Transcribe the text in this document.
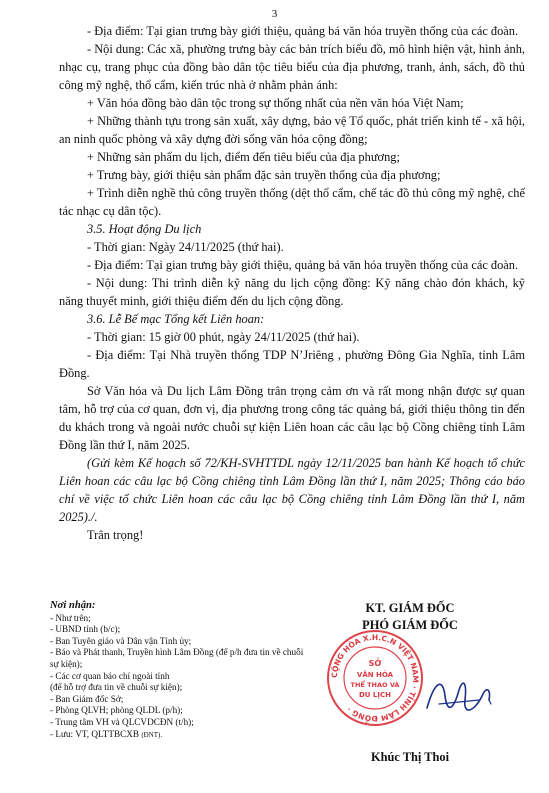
3

- Địa điểm: Tại gian trưng bày giới thiệu, quảng bá văn hóa truyền thống của các đoàn.

- Nội dung: Các xã, phường trưng bày các bản trích biểu đồ, mô hình hiện vật, hình ảnh, nhạc cụ, trang phục của đồng bào dân tộc tiêu biểu của địa phương, tranh, ảnh, sách, đồ thủ công mỹ nghệ, thổ cẩm, kiến trúc nhà ở nhằm phản ánh:

+ Văn hóa đồng bào dân tộc trong sự thống nhất của nền văn hóa Việt Nam;

+ Những thành tựu trong sản xuất, xây dựng, bảo vệ Tổ quốc, phát triển kinh tế - xã hội, an ninh quốc phòng và xây dựng đời sống văn hóa cộng đồng;

+ Những sản phẩm du lịch, điểm đến tiêu biểu của địa phương;

+ Trưng bày, giới thiệu sản phẩm đặc sản truyền thống của địa phương;

+ Trình diễn nghề thủ công truyền thống (dệt thổ cẩm, chế tác đồ thủ công mỹ nghệ, chế tác nhạc cụ dân tộc).

3.5. Hoạt động Du lịch

- Thời gian: Ngày 24/11/2025 (thứ hai).

- Địa điểm: Tại gian trưng bày giới thiệu, quảng bá văn hóa truyền thống của các đoàn.

- Nội dung: Thi trình diễn kỹ năng du lịch cộng đồng: Kỹ năng chào đón khách, kỹ năng thuyết minh, giới thiệu điểm đến du lịch cộng đồng.

3.6. Lễ Bế mạc Tổng kết Liên hoan:

- Thời gian: 15 giờ 00 phút, ngày 24/11/2025 (thứ hai).

- Địa điểm: Tại Nhà truyền thống TDP N’Jriêng , phường Đông Gia Nghĩa, tỉnh Lâm Đồng.

Sở Văn hóa và Du lịch Lâm Đồng trân trọng cảm ơn và rất mong nhận được sự quan tâm, hỗ trợ của cơ quan, đơn vị, địa phương trong công tác quảng bá, giới thiệu thông tin đến du khách trong và ngoài nước chuỗi sự kiện Liên hoan các câu lạc bộ Cồng chiêng tỉnh Lâm Đồng lần thứ I, năm 2025.

(Gửi kèm Kế hoạch số 72/KH-SVHTTDL ngày 12/11/2025 ban hành Kế hoạch tổ chức Liên hoan các câu lạc bộ Cồng chiêng tỉnh Lâm Đồng lần thứ I, năm 2025; Thông cáo báo chí về việc tổ chức Liên hoan các câu lạc bộ Cồng chiêng tỉnh Lâm Đồng lần thứ I, năm 2025)./.

Trân trọng!

Nơi nhận:
- Như trên;
- UBND tỉnh (b/c);
- Ban Tuyên giáo và Dân vận Tỉnh ủy;
- Báo và Phát thanh, Truyền hình Lâm Đồng (để p/h đưa tin về chuỗi sự kiện);
- Các cơ quan báo chí ngoài tỉnh
(để hỗ trợ đưa tin về chuỗi sự kiện);
- Ban Giám đốc Sở;
- Phòng QLVH; phòng QLDL (p/h);
- Trung tâm VH và QLCVDCĐN (t/h);
- Lưu: VT, QLTTBCXB (ĐNT).
KT. GIÁM ĐỐC
PHÓ GIÁM ĐỐC
CỘNG HÒA X.H.C.N VIỆT NAM · TỈNH LÂM ĐỒNG ·
SỞ
VĂN HÓA
THỂ THAO VÀ
DU LỊCH
Khúc Thị Thoi
